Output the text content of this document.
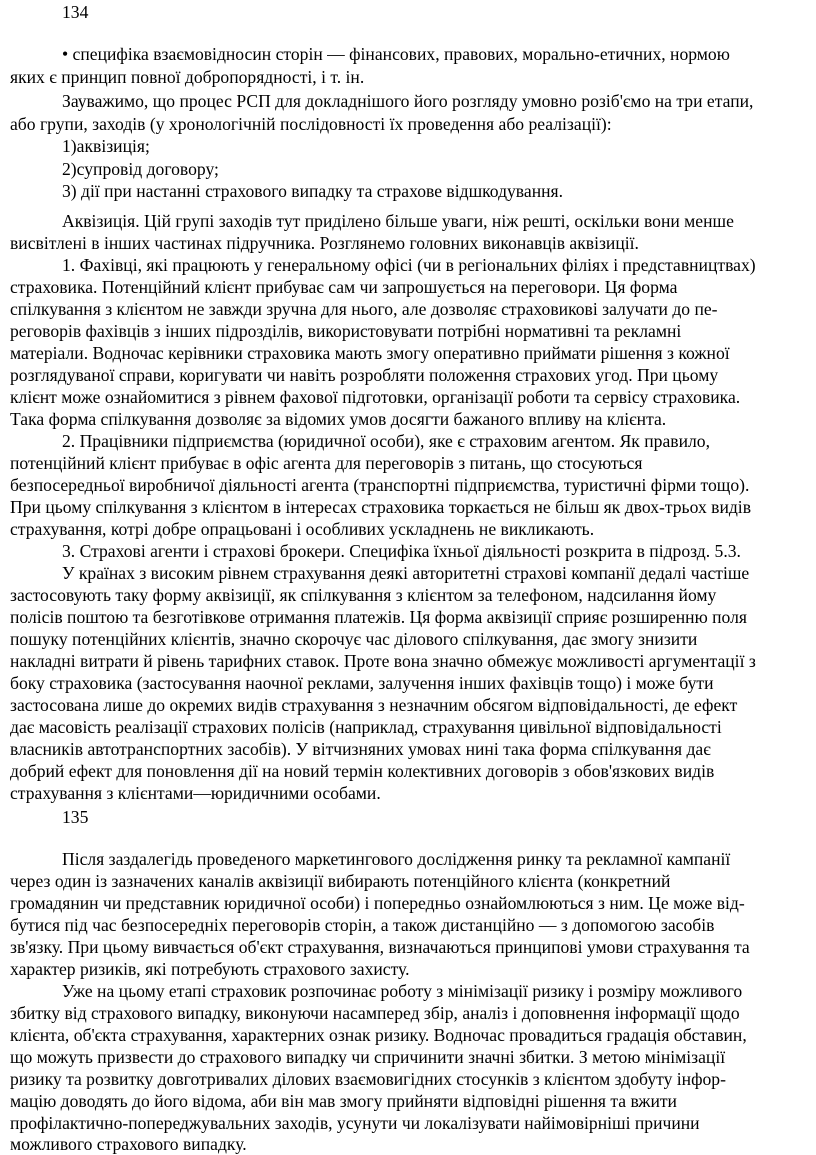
134
• специфіка взаємовідносин сторін — фінансових, правових, морально-етичних, нормою
яких є принцип повної добропорядності, і т. ін.
Зауважимо, що процес РСП для докладнішого його розгляду умовно розіб'ємо на три етапи,
або групи, заходів (у хронологічній послідовності їх проведення або реалізації):
1)аквізиція;
2)супровід договору;
3) дії при настанні страхового випадку та страхове відшкодування.
Аквізиція. Цій групі заходів тут приділено більше уваги, ніж решті, оскільки вони менше
висвітлені в інших частинах підручника. Розглянемо головних виконавців аквізиції.
1. Фахівці, які працюють у генеральному офісі (чи в регіональних філіях і представництвах)
страховика. Потенційний клієнт прибуває сам чи запрошується на переговори. Ця форма
спілкування з клієнтом не завжди зручна для нього, але дозволяє страховикові залучати до пе-
реговорів фахівців з інших підрозділів, використовувати потрібні нормативні та рекламні
матеріали. Водночас керівники страховика мають змогу оперативно приймати рішення з кожної
розглядуваної справи, коригувати чи навіть розробляти положення страхових угод. При цьому
клієнт може ознайомитися з рівнем фахової підготовки, організації роботи та сервісу страховика.
Така форма спілкування дозволяє за відомих умов досягти бажаного впливу на клієнта.
2. Працівники підприємства (юридичної особи), яке є страховим агентом. Як правило,
потенційний клієнт прибуває в офіс агента для переговорів з питань, що стосуються
безпосередньої виробничої діяльності агента (транспортні підприємства, туристичні фірми тощо).
При цьому спілкування з клієнтом в інтересах страховика торкається не більш як двох-трьох видів
страхування, котрі добре опрацьовані і особливих ускладнень не викликають.
3. Страхові агенти і страхові брокери. Специфіка їхньої діяльності розкрита в підрозд. 5.3.
У країнах з високим рівнем страхування деякі авторитетні страхові компанії дедалі частіше
застосовують таку форму аквізиції, як спілкування з клієнтом за телефоном, надсилання йому
полісів поштою та безготівкове отримання платежів. Ця форма аквізиції сприяє розширенню поля
пошуку потенційних клієнтів, значно скорочує час ділового спілкування, дає змогу знизити
накладні витрати й рівень тарифних ставок. Проте вона значно обмежує можливості аргументації з
боку страховика (застосування наочної реклами, залучення інших фахівців тощо) і може бути
застосована лише до окремих видів страхування з незначним обсягом відповідальності, де ефект
дає масовість реалізації страхових полісів (наприклад, страхування цивільної відповідальності
власників автотранспортних засобів). У вітчизняних умовах нині така форма спілкування дає
добрий ефект для поновлення дії на новий термін колективних договорів з обов'язкових видів
страхування з клієнтами—юридичними особами.
135
Після заздалегідь проведеного маркетингового дослідження ринку та рекламної кампанії
через один із зазначених каналів аквізиції вибирають потенційного клієнта (конкретний
громадянин чи представник юридичної особи) і попередньо ознайомлюються з ним. Це може від-
бутися під час безпосередніх переговорів сторін, а також дистанційно — з допомогою засобів
зв'язку. При цьому вивчається об'єкт страхування, визначаються принципові умови страхування та
характер ризиків, які потребують страхового захисту.
Уже на цьому етапі страховик розпочинає роботу з мінімізації ризику і розміру можливого
збитку від страхового випадку, виконуючи насамперед збір, аналіз і доповнення інформації щодо
клієнта, об'єкта страхування, характерних ознак ризику. Водночас провадиться градація обставин,
що можуть призвести до страхового випадку чи спричинити значні збитки. З метою мінімізації
ризику та розвитку довготривалих ділових взаємовигідних стосунків з клієнтом здобуту інфор-
мацію доводять до його відома, аби він мав змогу прийняти відповідні рішення та вжити
профілактично-попереджувальних заходів, усунути чи локалізувати найімовірніші причини
можливого страхового випадку.
